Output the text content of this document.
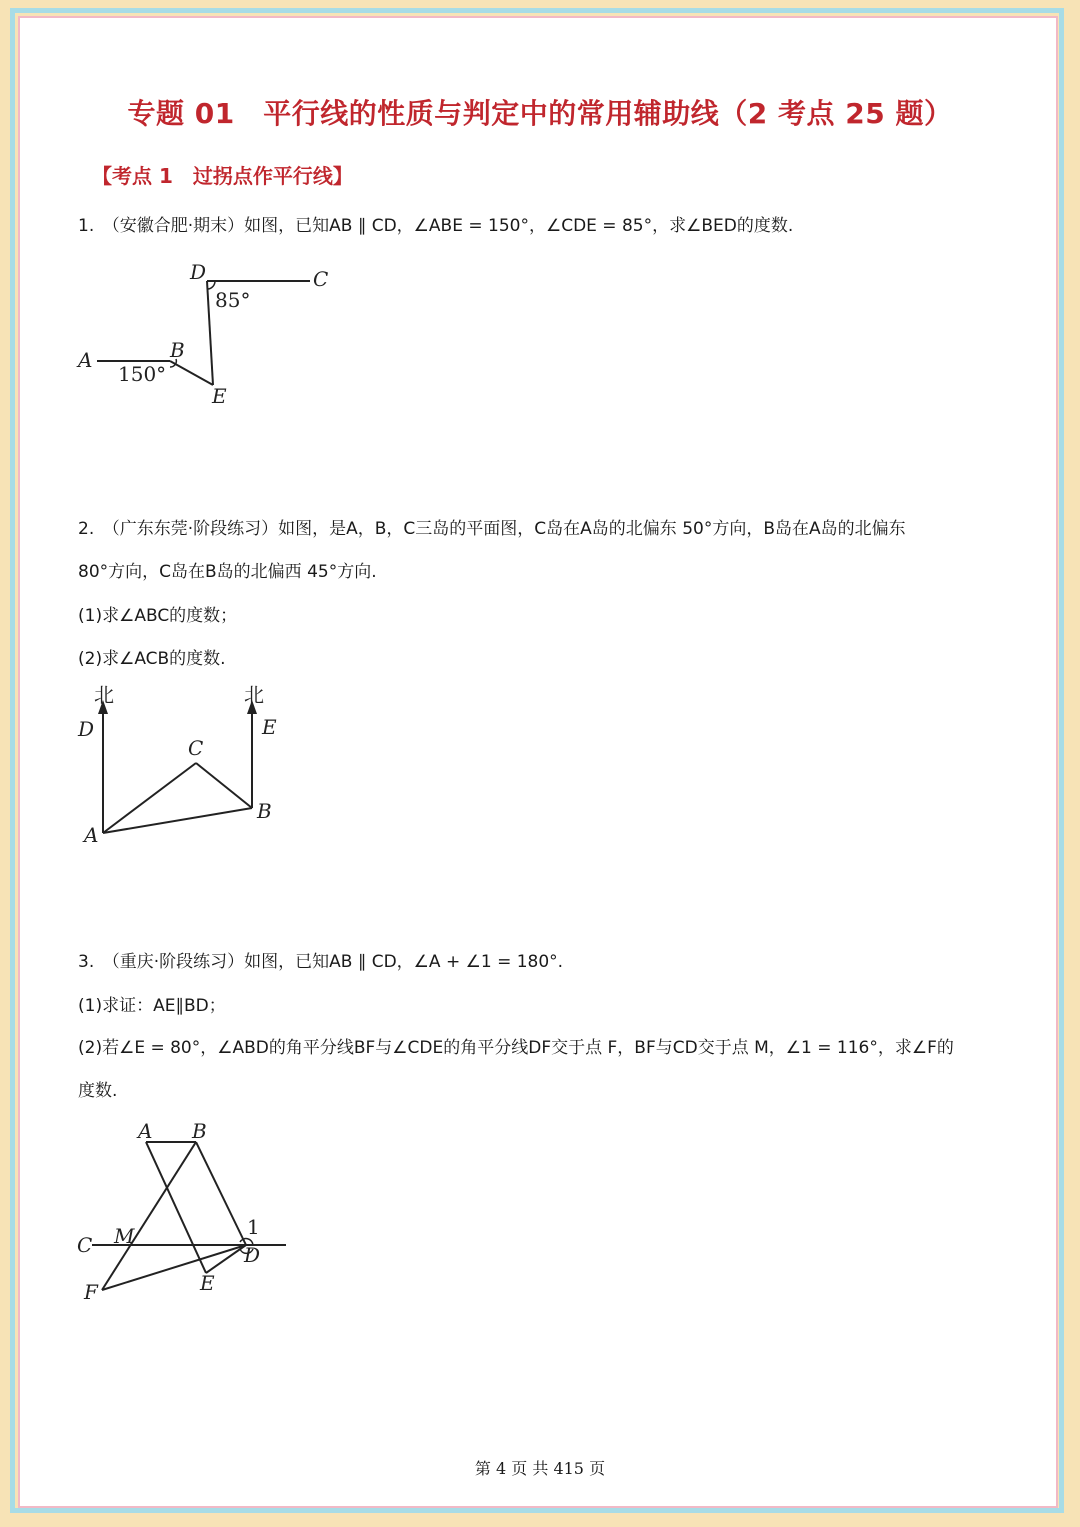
专题 01　平行线的性质与判定中的常用辅助线（2 考点 25 题）
【考点 1　过拐点作平行线】
1.　（安徽合肥·期末）如图，已知AB ∥ CD，∠ABE = 150°，∠CDE = 85°，求∠BED的度数.
A	B
D	C
E
85°
150°
2.　（广东东莞·阶段练习）如图，是A，B，C三岛的平面图，C岛在A岛的北偏东 50°方向，B岛在A岛的北偏东
80°方向，C岛在B岛的北偏西 45°方向.
(1)求∠ABC的度数；
(2)求∠ACB的度数.
北	北
D	E
C
B
A
3.　（重庆·阶段练习）如图，已知AB ∥ CD，∠A + ∠1 = 180°.
(1)求证：AE∥BD；
(2)若∠E = 80°，∠ABD的角平分线BF与∠CDE的角平分线DF交于点 F，BF与CD交于点 M，∠1 = 116°，求∠F的
度数.
A B
C M	1
D
E
F
第 4 页 共 415 页
